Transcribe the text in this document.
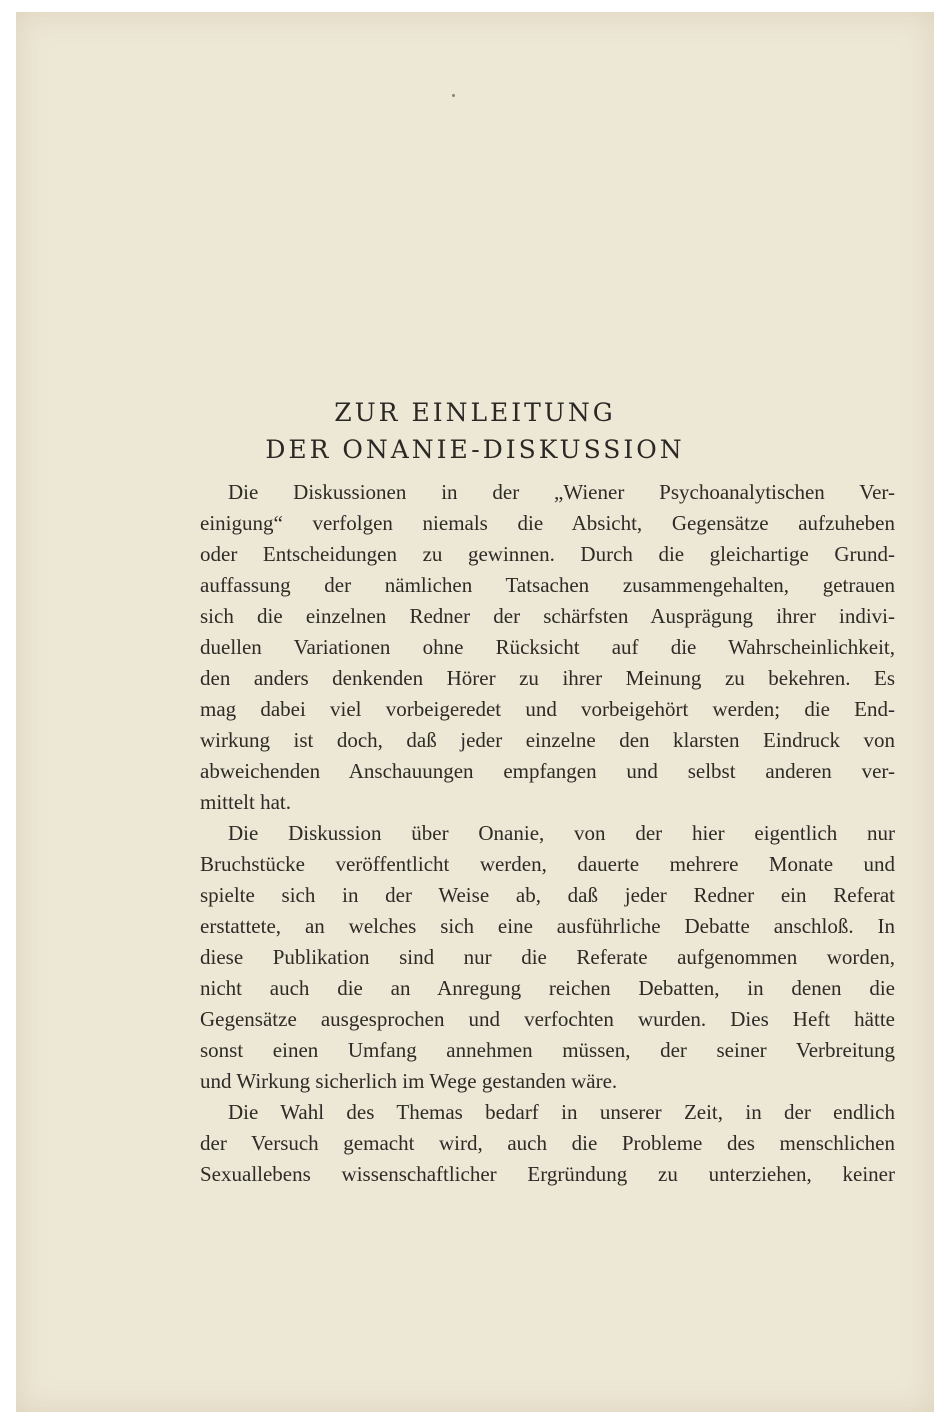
ZUR EINLEITUNG
DER ONANIE-DISKUSSION
Die Diskussionen in der „Wiener Psychoanalytischen Ver-
einigung“ verfolgen niemals die Absicht, Gegensätze aufzuheben
oder Entscheidungen zu gewinnen. Durch die gleichartige Grund-
auffassung der nämlichen Tatsachen zusammengehalten, getrauen
sich die einzelnen Redner der schärfsten Ausprägung ihrer indivi-
duellen Variationen ohne Rücksicht auf die Wahrscheinlichkeit,
den anders denkenden Hörer zu ihrer Meinung zu bekehren. Es
mag dabei viel vorbeigeredet und vorbeigehört werden; die End-
wirkung ist doch, daß jeder einzelne den klarsten Eindruck von
abweichenden Anschauungen empfangen und selbst anderen ver-
mittelt hat.
Die Diskussion über Onanie, von der hier eigentlich nur
Bruchstücke veröffentlicht werden, dauerte mehrere Monate und
spielte sich in der Weise ab, daß jeder Redner ein Referat
erstattete, an welches sich eine ausführliche Debatte anschloß. In
diese Publikation sind nur die Referate aufgenommen worden,
nicht auch die an Anregung reichen Debatten, in denen die
Gegensätze ausgesprochen und verfochten wurden. Dies Heft hätte
sonst einen Umfang annehmen müssen, der seiner Verbreitung
und Wirkung sicherlich im Wege gestanden wäre.
Die Wahl des Themas bedarf in unserer Zeit, in der endlich
der Versuch gemacht wird, auch die Probleme des menschlichen
Sexuallebens wissenschaftlicher Ergründung zu unterziehen, keiner
